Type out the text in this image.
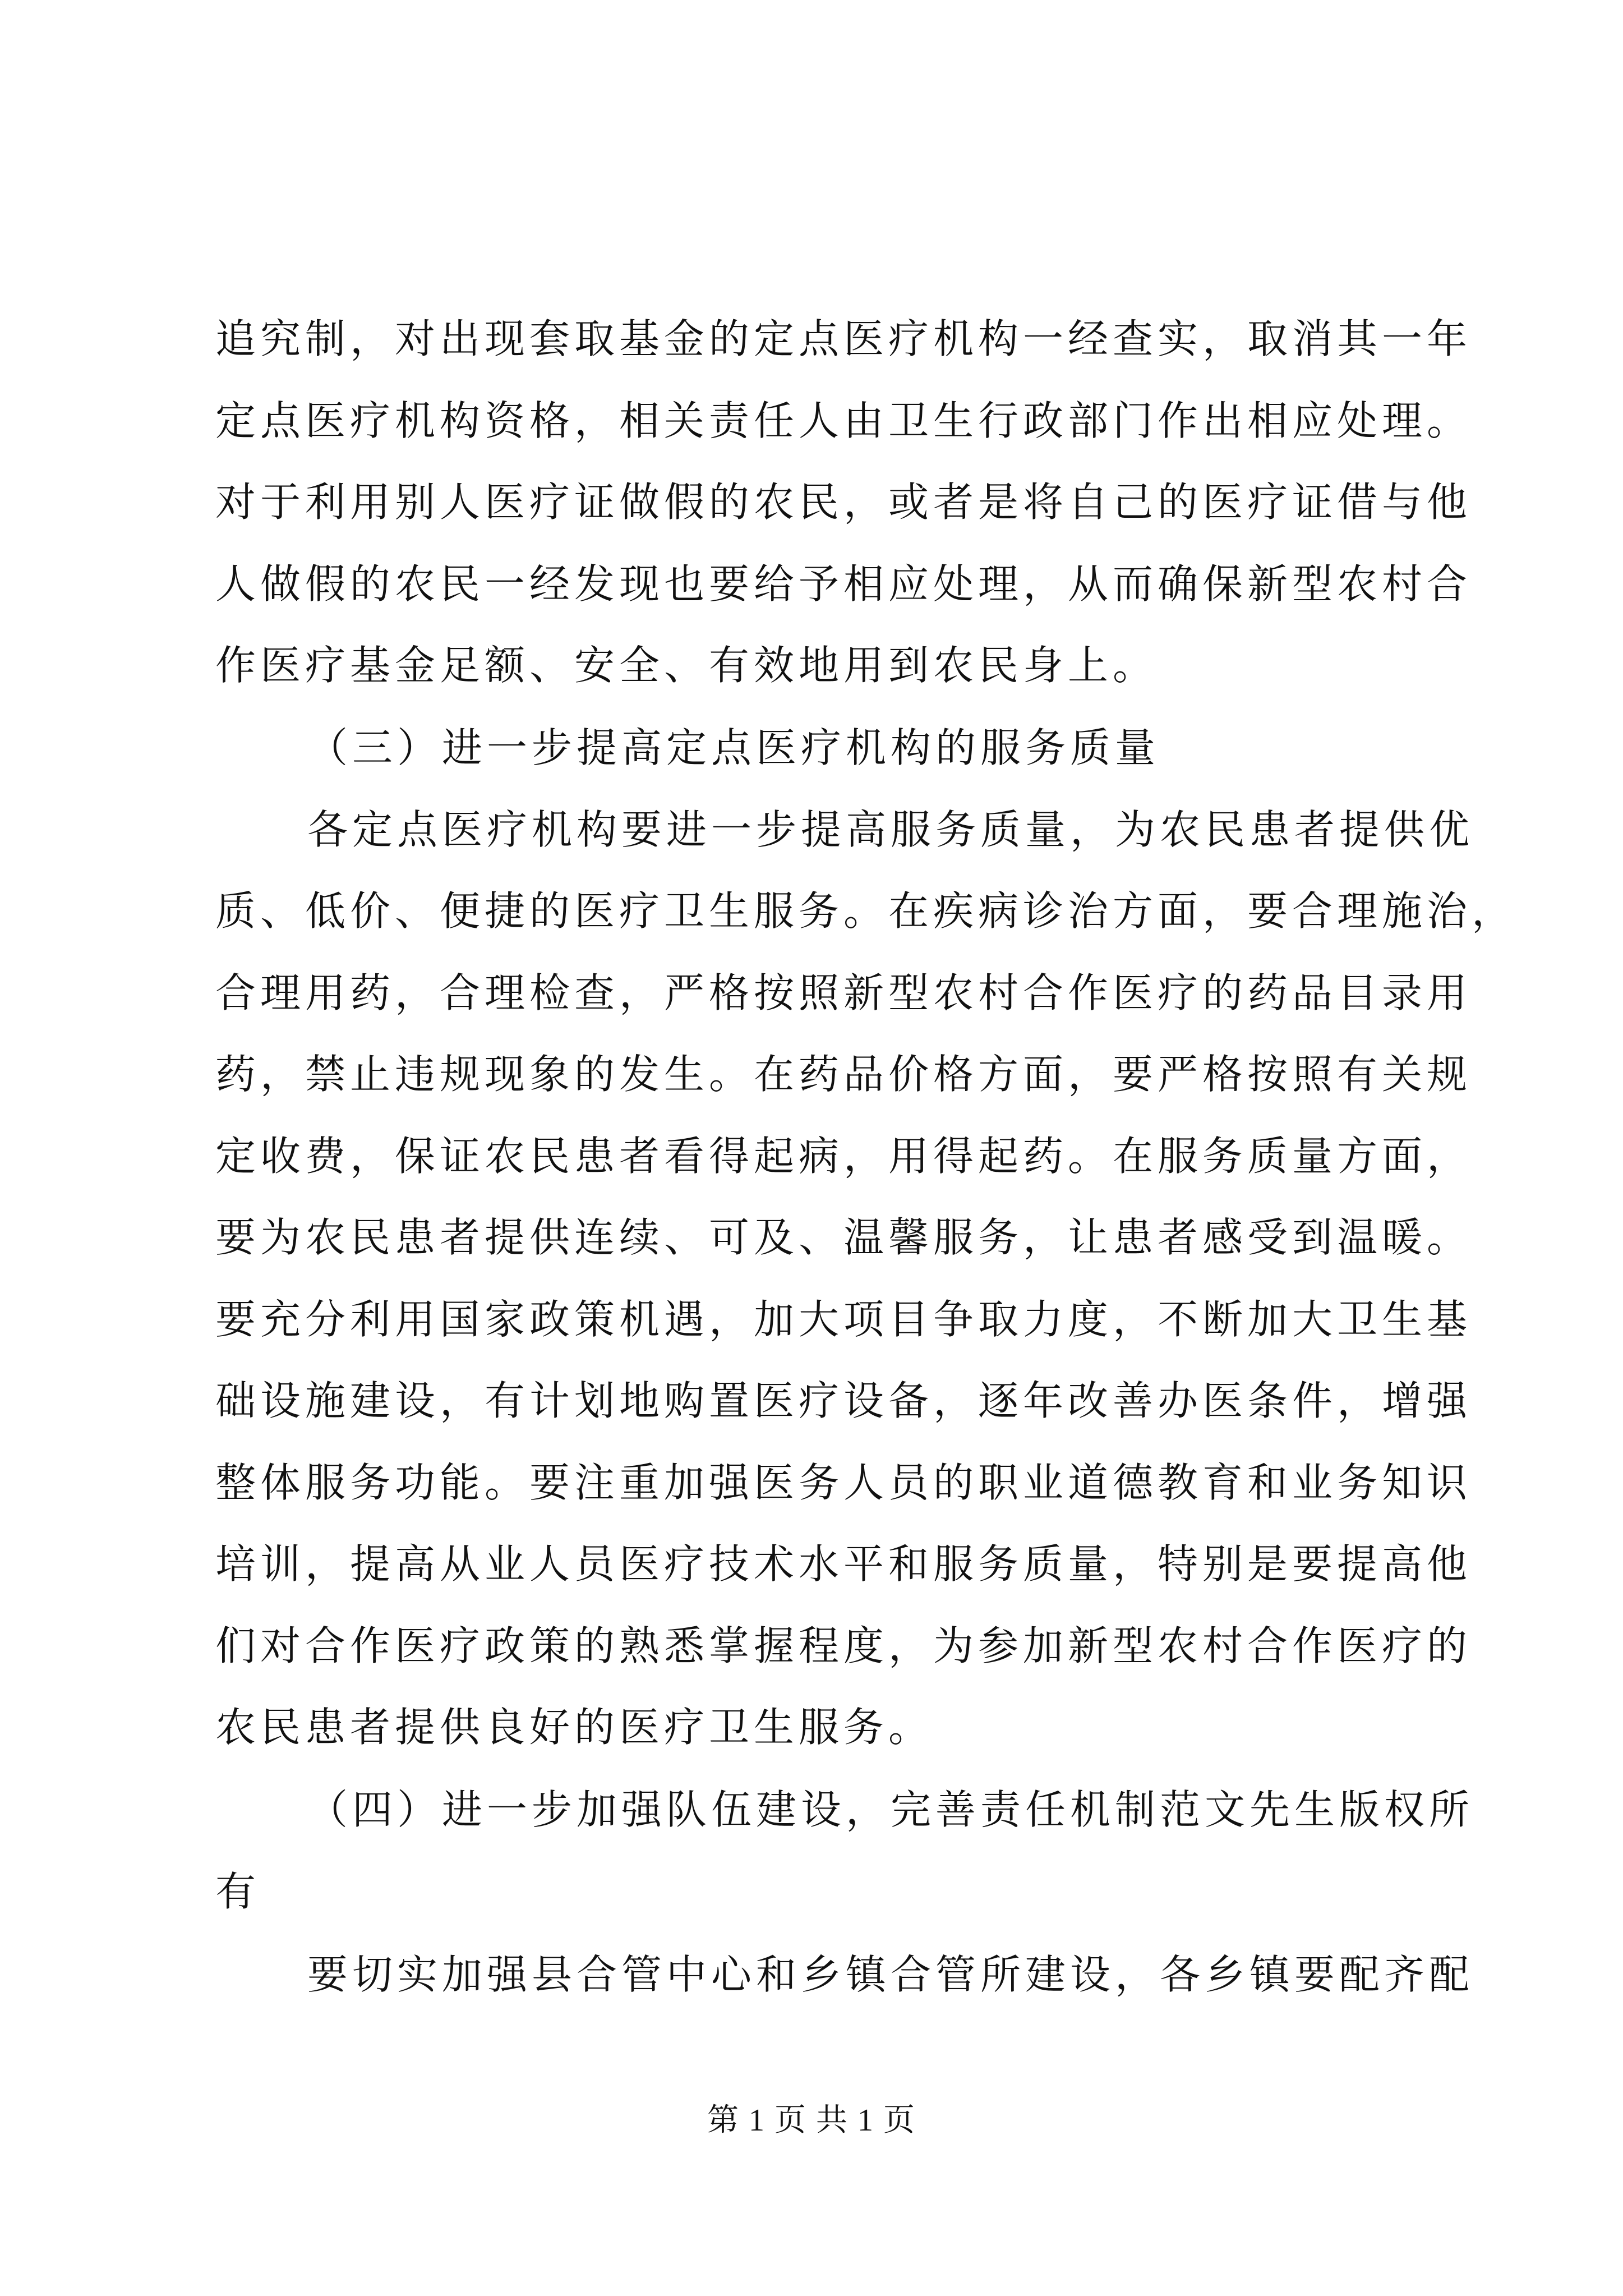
追究制，对出现套取基金的定点医疗机构一经查实，取消其一年
定点医疗机构资格，相关责任人由卫生行政部门作出相应处理。
对于利用别人医疗证做假的农民，或者是将自己的医疗证借与他
人做假的农民一经发现也要给予相应处理，从而确保新型农村合
作医疗基金足额、安全、有效地用到农民身上。
（三）进一步提高定点医疗机构的服务质量
各定点医疗机构要进一步提高服务质量，为农民患者提供优
质、低价、便捷的医疗卫生服务。在疾病诊治方面，要合理施治，
合理用药，合理检查，严格按照新型农村合作医疗的药品目录用
药，禁止违规现象的发生。在药品价格方面，要严格按照有关规
定收费，保证农民患者看得起病，用得起药。在服务质量方面，
要为农民患者提供连续、可及、温馨服务，让患者感受到温暖。
要充分利用国家政策机遇，加大项目争取力度，不断加大卫生基
础设施建设，有计划地购置医疗设备，逐年改善办医条件，增强
整体服务功能。要注重加强医务人员的职业道德教育和业务知识
培训，提高从业人员医疗技术水平和服务质量，特别是要提高他
们对合作医疗政策的熟悉掌握程度，为参加新型农村合作医疗的
农民患者提供良好的医疗卫生服务。
（四）进一步加强队伍建设，完善责任机制范文先生版权所
有
要切实加强县合管中心和乡镇合管所建设，各乡镇要配齐配
第 1 页 共 1 页
